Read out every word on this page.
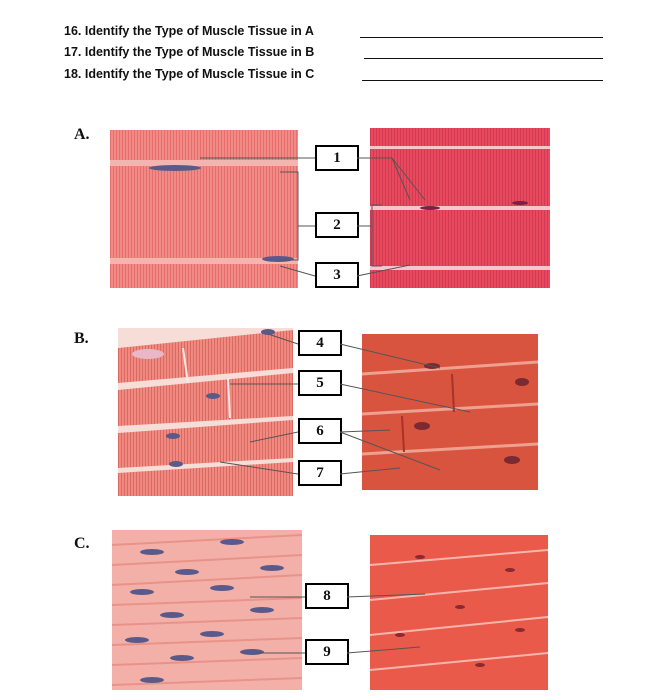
16. Identify the Type of Muscle Tissue in A
17. Identify the Type of Muscle Tissue in B
18. Identify the Type of Muscle Tissue in C
A.
1
2
3
B.	4
5
6
7
C.
8
9
